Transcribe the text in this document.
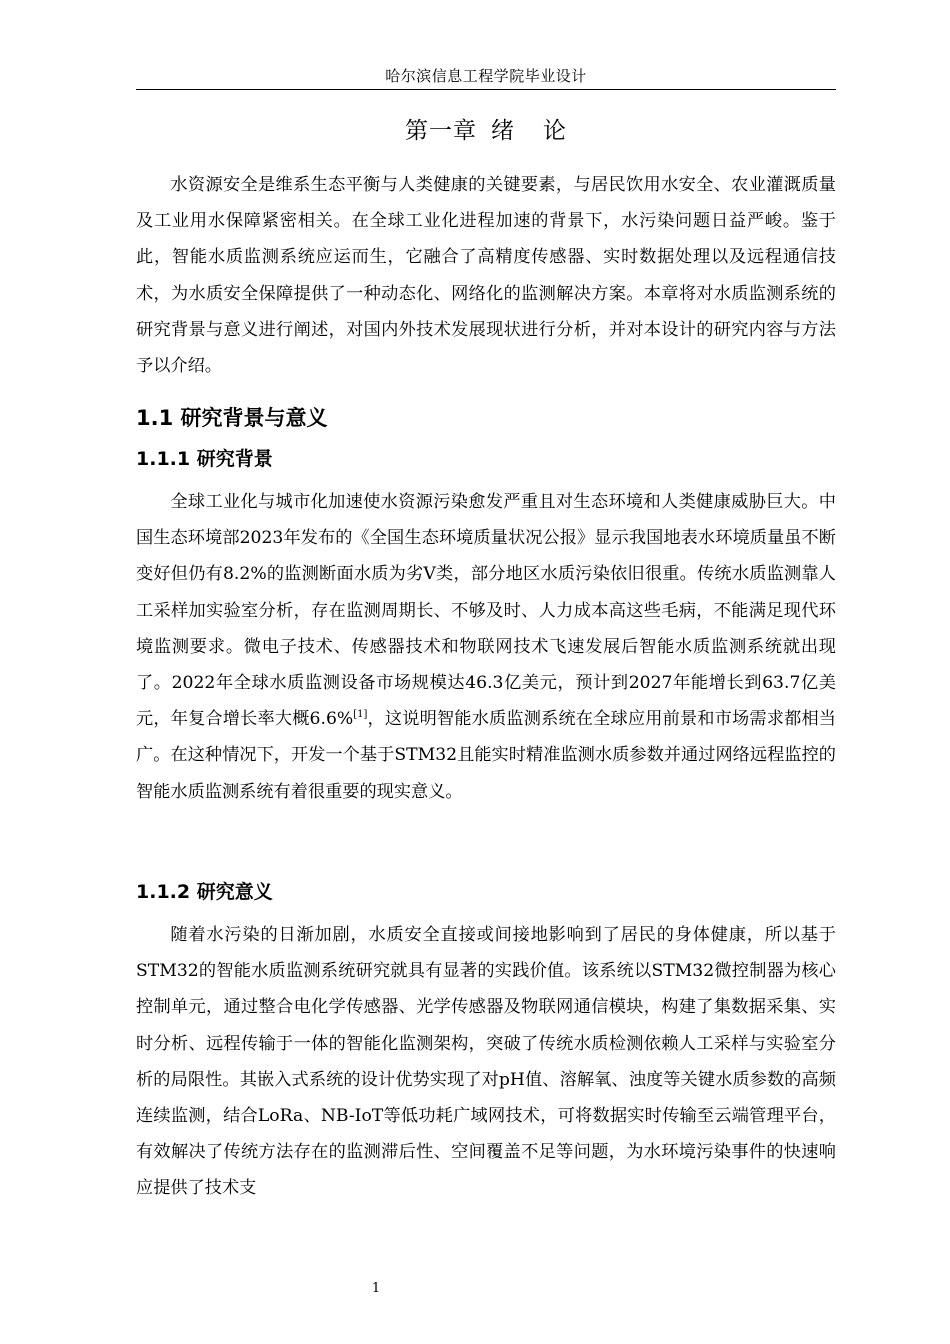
哈尔滨信息工程学院毕业设计
第一章 绪 论

水资源安全是维系生态平衡与人类健康的关键要素，与居民饮用水安全、农业灌溉质量及工业用水保障紧密相关。在全球工业化进程加速的背景下，水污染问题日益严峻。鉴于此，智能水质监测系统应运而生，它融合了高精度传感器、实时数据处理以及远程通信技术，为水质安全保障提供了一种动态化、网络化的监测解决方案。本章将对水质监测系统的研究背景与意义进行阐述，对国内外技术发展现状进行分析，并对本设计的研究内容与方法予以介绍。

1.1 研究背景与意义
1.1.1 研究背景

全球工业化与城市化加速使水资源污染愈发严重且对生态环境和人类健康威胁巨大。中国生态环境部2023年发布的《全国生态环境质量状况公报》显示我国地表水环境质量虽不断变好但仍有8.2%的监测断面水质为劣Ⅴ类，部分地区水质污染依旧很重。传统水质监测靠人工采样加实验室分析，存在监测周期长、不够及时、人力成本高这些毛病，不能满足现代环境监测要求。微电子技术、传感器技术和物联网技术飞速发展后智能水质监测系统就出现了。2022年全球水质监测设备市场规模达46.3亿美元，预计到2027年能增长到63.7亿美元，年复合增长率大概6.6%[1]，这说明智能水质监测系统在全球应用前景和市场需求都相当广。在这种情况下，开发一个基于STM32且能实时精准监测水质参数并通过网络远程监控的智能水质监测系统有着很重要的现实意义。

1.1.2 研究意义

随着水污染的日渐加剧，水质安全直接或间接地影响到了居民的身体健康，所以基于STM32的智能水质监测系统研究就具有显著的实践价值。该系统以STM32微控制器为核心控制单元，通过整合电化学传感器、光学传感器及物联网通信模块，构建了集数据采集、实时分析、远程传输于一体的智能化监测架构，突破了传统水质检测依赖人工采样与实验室分析的局限性。其嵌入式系统的设计优势实现了对pH值、溶解氧、浊度等关键水质参数的高频连续监测，结合LoRa、NB-IoT等低功耗广域网技术，可将数据实时传输至云端管理平台，有效解决了传统方法存在的监测滞后性、空间覆盖不足等问题，为水环境污染事件的快速响应提供了技术支

1
